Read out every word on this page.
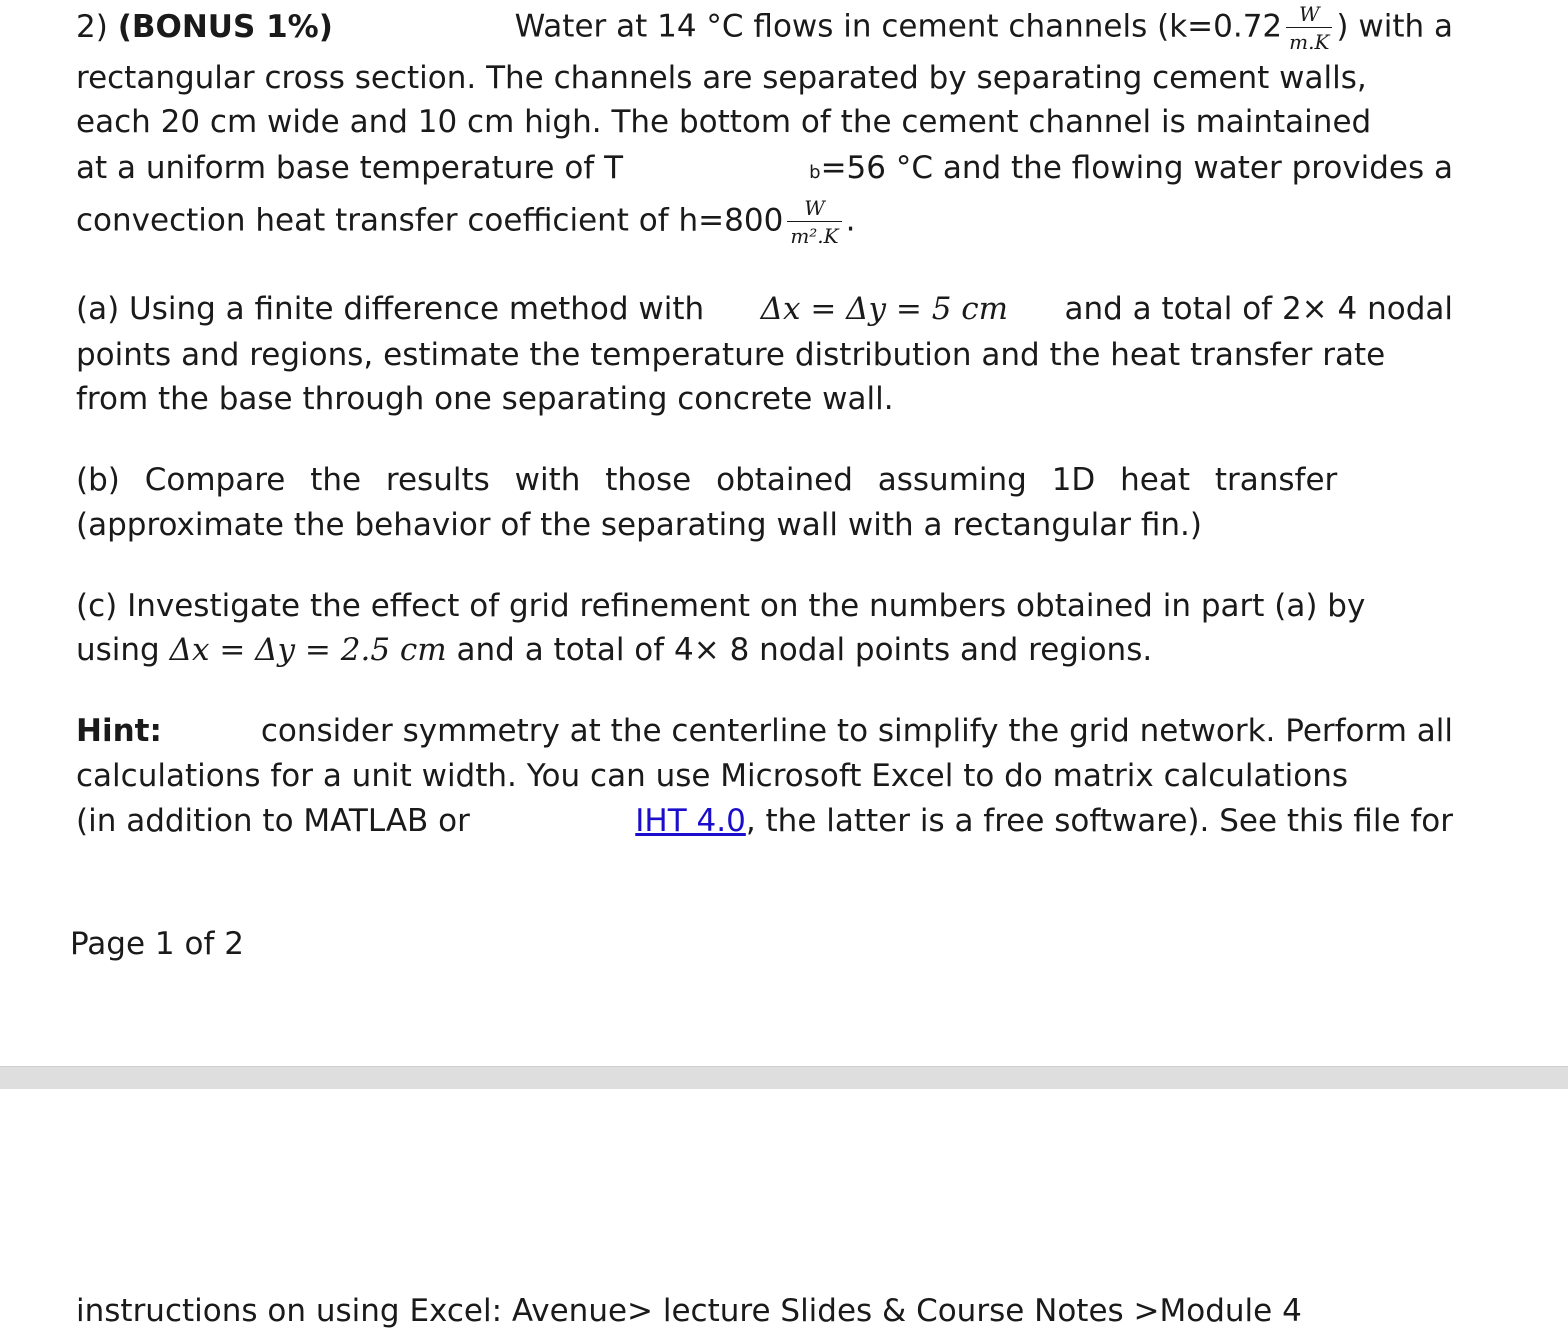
2) (BONUS 1%)	Water at 14 °C flows in cement channels ($k=0.72 \frac{W}{m.K}$ ) with a
rectangular cross section. The channels are separated by separating cement walls,
each 20 cm wide and 10 cm high. The bottom of the cement channel is maintained
at a uniform base temperature of T	b=56 °C and the flowing water provides a
convection heat transfer coefficient of $h=800 \frac{W}{\text{m².K}}$ .
(a) Using a finite difference method with Δx = Δy = 5 cm and a total of 2× 4 nodal
points and regions, estimate the temperature distribution and the heat transfer rate
from the base through one separating concrete wall.
(b) Compare the results with those obtained assuming 1D heat transfer
(approximate the behavior of the separating wall with a rectangular fin.)
(c) Investigate the effect of grid refinement on the numbers obtained in part (a) by
using Δx = Δy = 2.5 cm and a total of 4× 8 nodal points and regions.
Hint:	consider symmetry at the centerline to simplify the grid network. Perform all
calculations for a unit width. You can use Microsoft Excel to do matrix calculations
(in addition to MATLAB or	IHT 4.0, the latter is a free software). See this file for
Page 1 of 2
instructions on using Excel: Avenue> lecture Slides & Course Notes >Module 4
